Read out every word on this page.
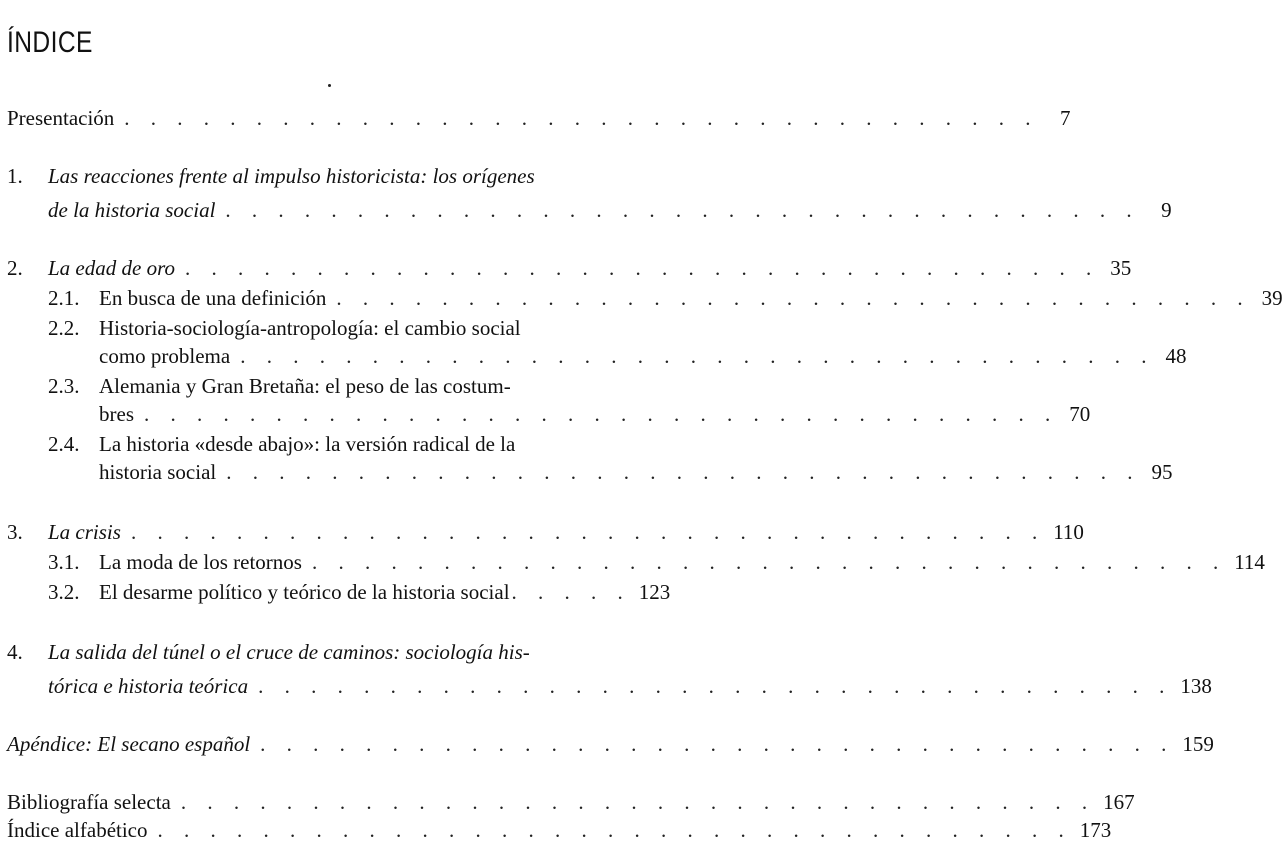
ÍNDICE
Presentación . . . . . . . . . . . . . . . . . . . . . . . . . . . . . . . . . . .	7
1. Las reacciones frente al impulso historicista: los orígenes
de la historia social . . . . . . . . . . . . . . . . . . . . . . . . . . . . . . . . . . .	9
2. La edad de oro . . . . . . . . . . . . . . . . . . . . . . . . . . . . . . . . . . . 35
2.1. En busca de una definición . . . . . . . . . . . . . . . . . . . . . . . . . . . . . . . . . . . 39
2.2. Historia-sociología-antropología: el cambio social
como problema . . . . . . . . . . . . . . . . . . . . . . . . . . . . . . . . . . . 48
2.3. Alemania y Gran Bretaña: el peso de las costum-
bres . . . . . . . . . . . . . . . . . . . . . . . . . . . . . . . . . . . 70
2.4. La historia «desde abajo»: la versión radical de la
historia social . . . . . . . . . . . . . . . . . . . . . . . . . . . . . . . . . . . 95
3. La crisis . . . . . . . . . . . . . . . . . . . . . . . . . . . . . . . . . . . 110
3.1. La moda de los retornos . . . . . . . . . . . . . . . . . . . . . . . . . . . . . . . . . . . 114
3.2. El desarme político y teórico de la historia social . . . . . 123
4. La salida del túnel o el cruce de caminos: sociología his-
tórica e historia teórica . . . . . . . . . . . . . . . . . . . . . . . . . . . . . . . . . . . 138
Apéndice: El secano español . . . . . . . . . . . . . . . . . . . . . . . . . . . . . . . . . . . 159
Bibliografía selecta . . . . . . . . . . . . . . . . . . . . . . . . . . . . . . . . . . . 167
Índice alfabético . . . . . . . . . . . . . . . . . . . . . . . . . . . . . . . . . . . 173
